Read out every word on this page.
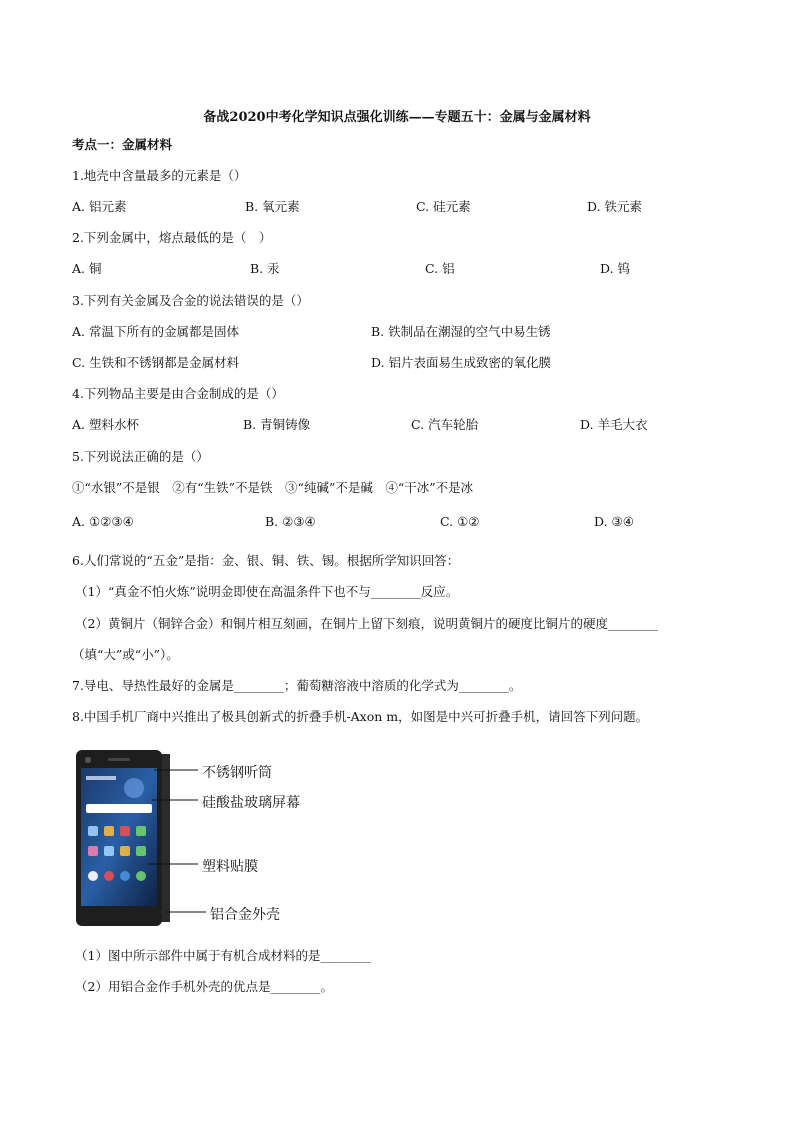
备战2020中考化学知识点强化训练——专题五十：金属与金属材料
考点一：金属材料
1.地壳中含量最多的元素是（）
A. 铝元素	B. 氧元素	C. 硅元素	D. 铁元素
2.下列金属中，熔点最低的是（　）
A. 铜	B. 汞	C. 铝	D. 钨
3.下列有关金属及合金的说法错误的是（）
A. 常温下所有的金属都是固体	B. 铁制品在潮湿的空气中易生锈
C. 生铁和不锈钢都是金属材料	D. 铝片表面易生成致密的氧化膜
4.下列物品主要是由合金制成的是（）
A. 塑料水杯	B. 青铜铸像	C. 汽车轮胎	D. 羊毛大衣
5.下列说法正确的是（）
①“水银”不是银　②有“生铁”不是铁　③“纯碱”不是碱　④“干冰”不是冰
A. ①②③④	B. ②③④	C. ①②	D. ③④
6.人们常说的“五金”是指：金、银、铜、铁、锡。根据所学知识回答：
（1）“真金不怕火炼”说明金即使在高温条件下也不与________反应。
（2）黄铜片（铜锌合金）和铜片相互刻画，在铜片上留下刻痕，说明黄铜片的硬度比铜片的硬度________
（填“大”或“小”）。
7.导电、导热性最好的金属是________；葡萄糖溶液中溶质的化学式为________。
8.中国手机厂商中兴推出了极具创新式的折叠手机-Axon m，如图是中兴可折叠手机，请回答下列问题。
不锈钢听筒
硅酸盐玻璃屏幕
塑料贴膜
铝合金外壳
（1）图中所示部件中属于有机合成材料的是________
（2）用铝合金作手机外壳的优点是________。
